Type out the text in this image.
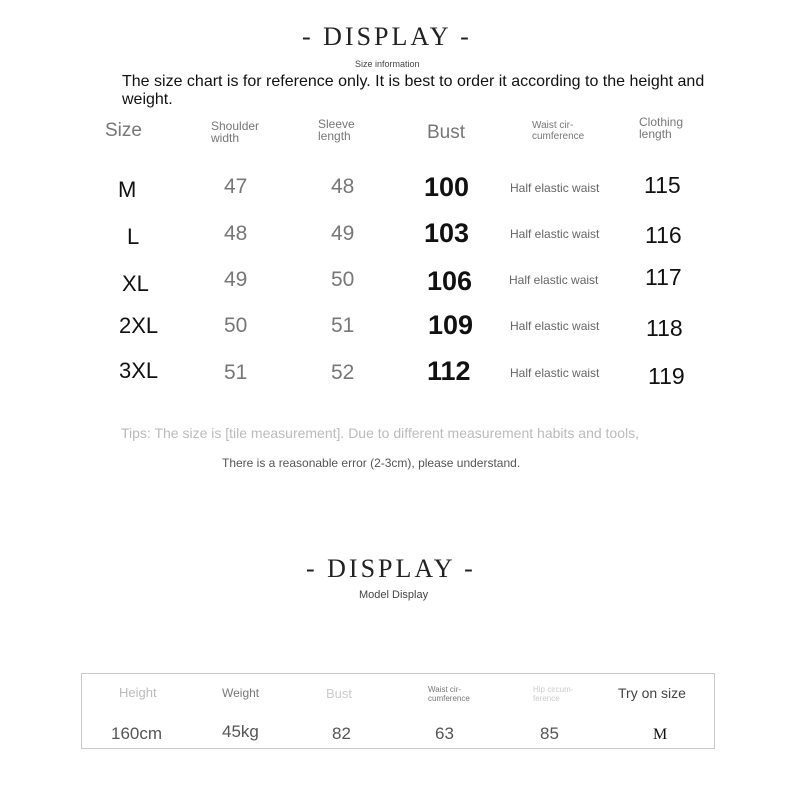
- DISPLAY -
Size information
The size chart is for reference only. It is best to order it according to the height and weight.
Size	Shoulder
width
Sleeve
length	Bust	Waist cir-
cumference
Clothing
length
M	47	48	100	Half elastic waist 115
L	48	49	103	Half elastic waist 116
XL	49	50	106	Half elastic waist 117
2XL	50	51	109	Half elastic waist 118
3XL	51	52	112	Half elastic waist 119
Tips: The size is [tile measurement]. Due to different measurement habits and tools,
There is a reasonable error (2-3cm), please understand.
- DISPLAY -
Model Display
Height	Weight	Bust	Waist cir-
cumference
Hip circum-
ference	Try on size
160cm	45kg	82	63	85	M
